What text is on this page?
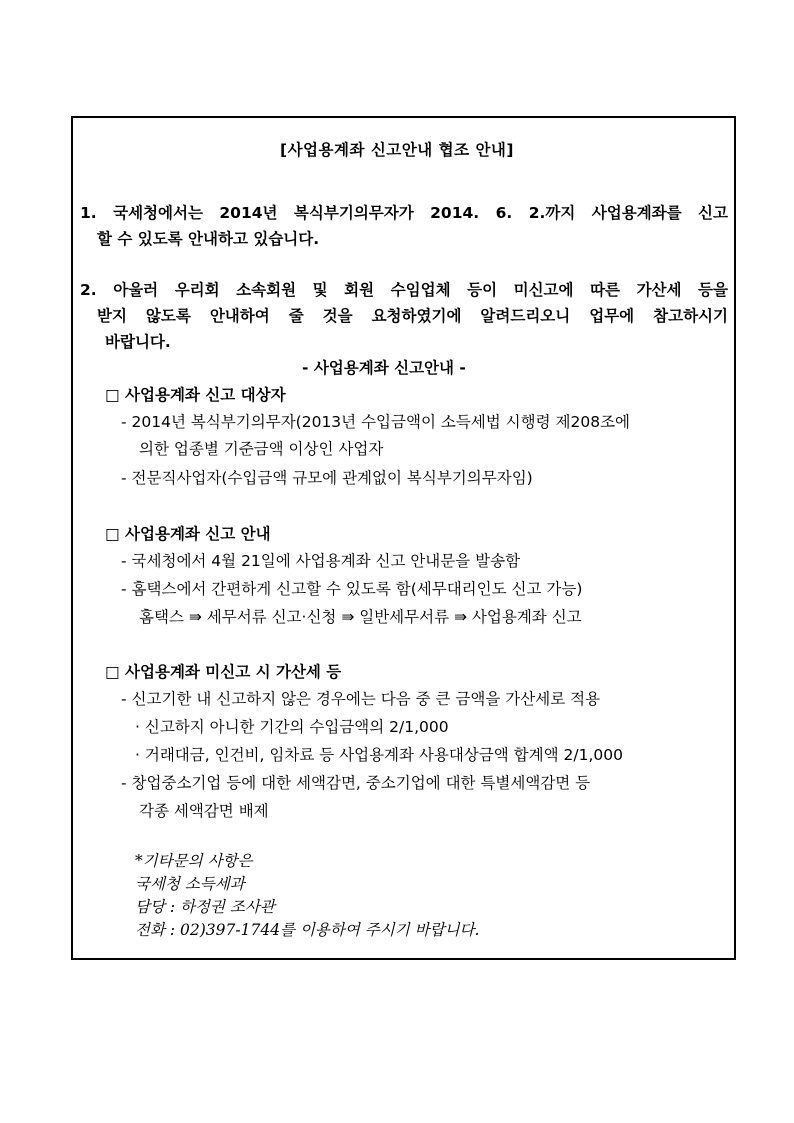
[사업용계좌 신고안내 협조 안내]
1. 국세청에서는 2014년 복식부기의무자가 2014. 6. 2.까지 사업용계좌를 신고
할 수 있도록 안내하고 있습니다.
2. 아울러 우리회 소속회원 및 회원 수임업체 등이 미신고에 따른 가산세 등을
받지 않도록 안내하여 줄 것을 요청하였기에 알려드리오니 업무에 참고하시기
바랍니다.
- 사업용계좌 신고안내 -
□ 사업용계좌 신고 대상자
- 2014년 복식부기의무자(2013년 수입금액이 소득세법 시행령 제208조에
의한 업종별 기준금액 이상인 사업자
- 전문직사업자(수입금액 규모에 관계없이 복식부기의무자임)
□ 사업용계좌 신고 안내
- 국세청에서 4월 21일에 사업용계좌 신고 안내문을 발송함
- 홈택스에서 간편하게 신고할 수 있도록 함(세무대리인도 신고 가능)
홈택스 ⇛ 세무서류 신고·신청 ⇛ 일반세무서류 ⇛ 사업용계좌 신고
□ 사업용계좌 미신고 시 가산세 등
- 신고기한 내 신고하지 않은 경우에는 다음 중 큰 금액을 가산세로 적용
· 신고하지 아니한 기간의 수입금액의 2/1,000
· 거래대금, 인건비, 임차료 등 사업용계좌 사용대상금액 합계액 2/1,000
- 창업중소기업 등에 대한 세액감면, 중소기업에 대한 특별세액감면 등
각종 세액감면 배제
*기타문의 사항은
국세청 소득세과
담당 : 하정권 조사관
전화 : 02)397-1744를 이용하여 주시기 바랍니다.
